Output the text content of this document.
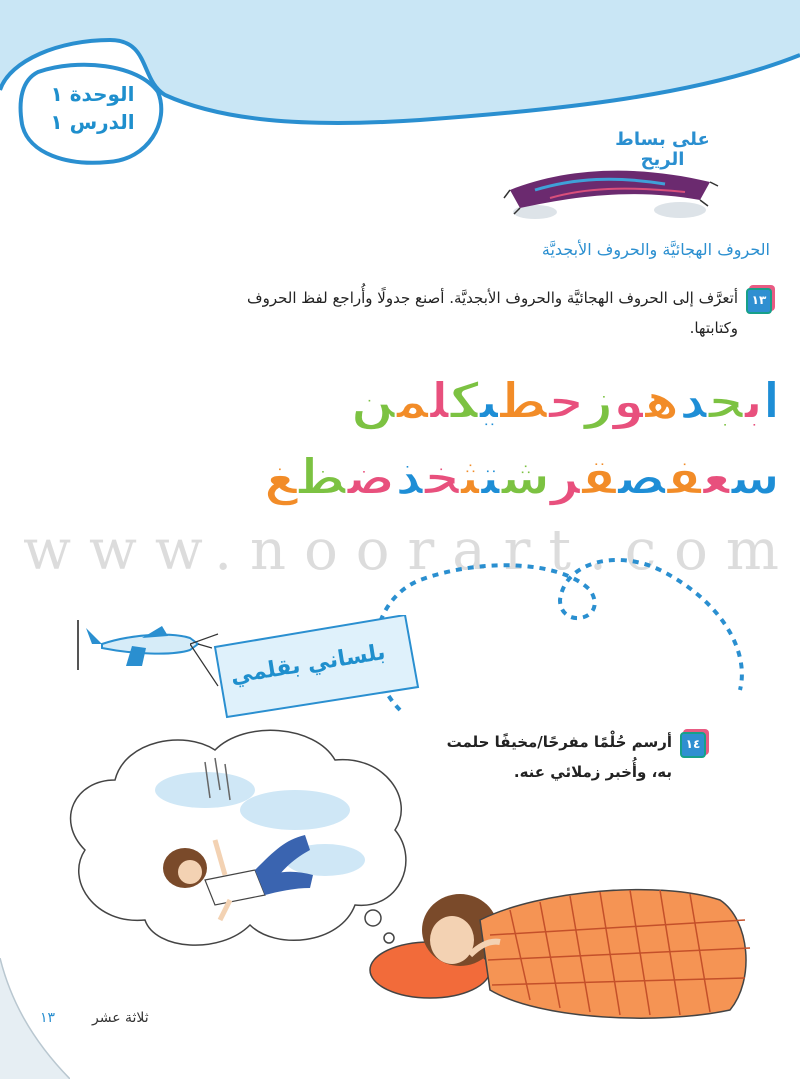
الوحدة ١
الدرس ١
على بساط
الريح
الحروف الهجائيَّة والحروف الأبجديَّة
١٣
أتعرَّف إلى الحروف الهجائيَّة والحروف الأبجديَّة. أصنع جدولًا وأُراجع لفظ الحروف
وكتابتها.
ابجدهوزحطيكلمن
سعفصقرشتثخذضظغ
www.noorart.com
بلساني بقلمي
١٤
أرسم حُلْمًا مفرحًا/مخيفًا حلمت
به، وأُخبر زملائي عنه.
١٣	ثلاثة عشر
